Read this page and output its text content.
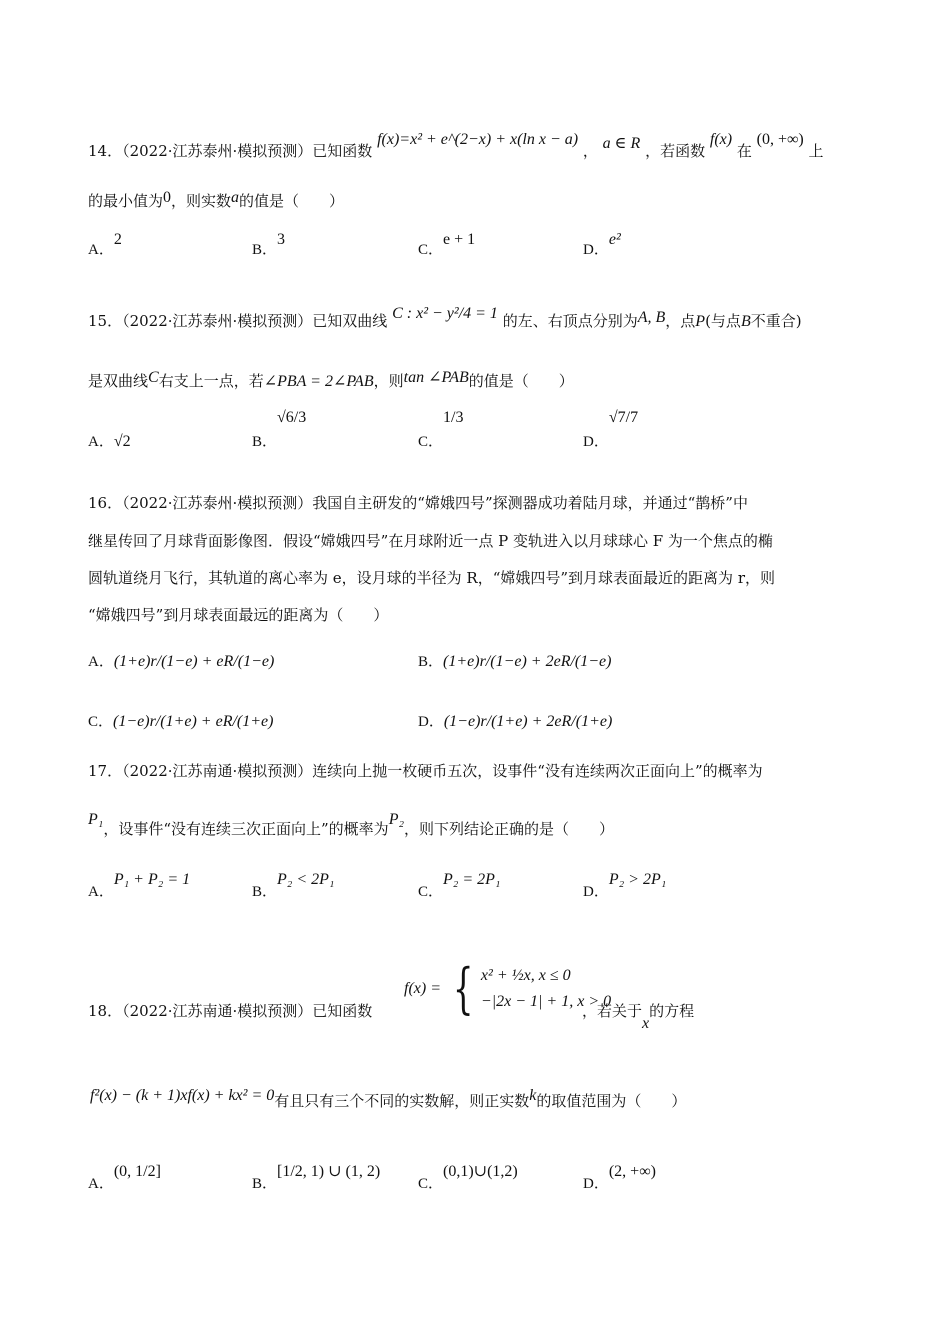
14．（2022·江苏泰州·模拟预测）已知函数 f(x)=x² + e^(2−x) + x(ln x − a) ， a ∈ R ，若函数 f(x) 在 (0, +∞) 上
的最小值为0，则实数a的值是（　　）
A．2
B．3
C．e + 1
D．e²
15．（2022·江苏泰州·模拟预测）已知双曲线 C : x² − y²/4 = 1 的左、右顶点分别为A, B，点P(与点B不重合)
是双曲线C右支上一点，若∠PBA = 2∠PAB，则tan ∠PAB的值是（　　）
A．√2	B．√6/3
C．1/3
D．√7/7
16．（2022·江苏泰州·模拟预测）我国自主研发的“嫦娥四号”探测器成功着陆月球，并通过“鹊桥”中
继星传回了月球背面影像图．假设“嫦娥四号”在月球附近一点 P 变轨进入以月球球心 F 为一个焦点的椭
圆轨道绕月飞行，其轨道的离心率为 e，设月球的半径为 R，“嫦娥四号”到月球表面最近的距离为 r，则
“嫦娥四号”到月球表面最远的距离为（　　）
A．(1+e)r/(1−e) + eR/(1−e)	B．(1+e)r/(1−e) + 2eR/(1−e)
C．(1−e)r/(1+e) + eR/(1+e)	D．(1−e)r/(1+e) + 2eR/(1+e)
17．（2022·江苏南通·模拟预测）连续向上抛一枚硬币五次，设事件“没有连续两次正面向上”的概率为
P₁，设事件“没有连续三次正面向上”的概率为P₂，则下列结论正确的是（　　）
A．P₁ + P₂ = 1
B．P₂ < 2P₁
C．P₂ = 2P₁
D．P₂ > 2P₁
18．（2022·江苏南通·模拟预测）已知函数
f(x) = { x² + ½x, x ≤ 0
−|2x − 1| + 1, x > 0
，若关于x的方程
f²(x) − (k + 1)xf(x) + kx² = 0有且只有三个不同的实数解，则正实数k的取值范围为（　　）
A．(0, 1/2]
B．[1/2, 1) ∪ (1, 2)
C．(0,1)∪(1,2)
D．(2, +∞)
